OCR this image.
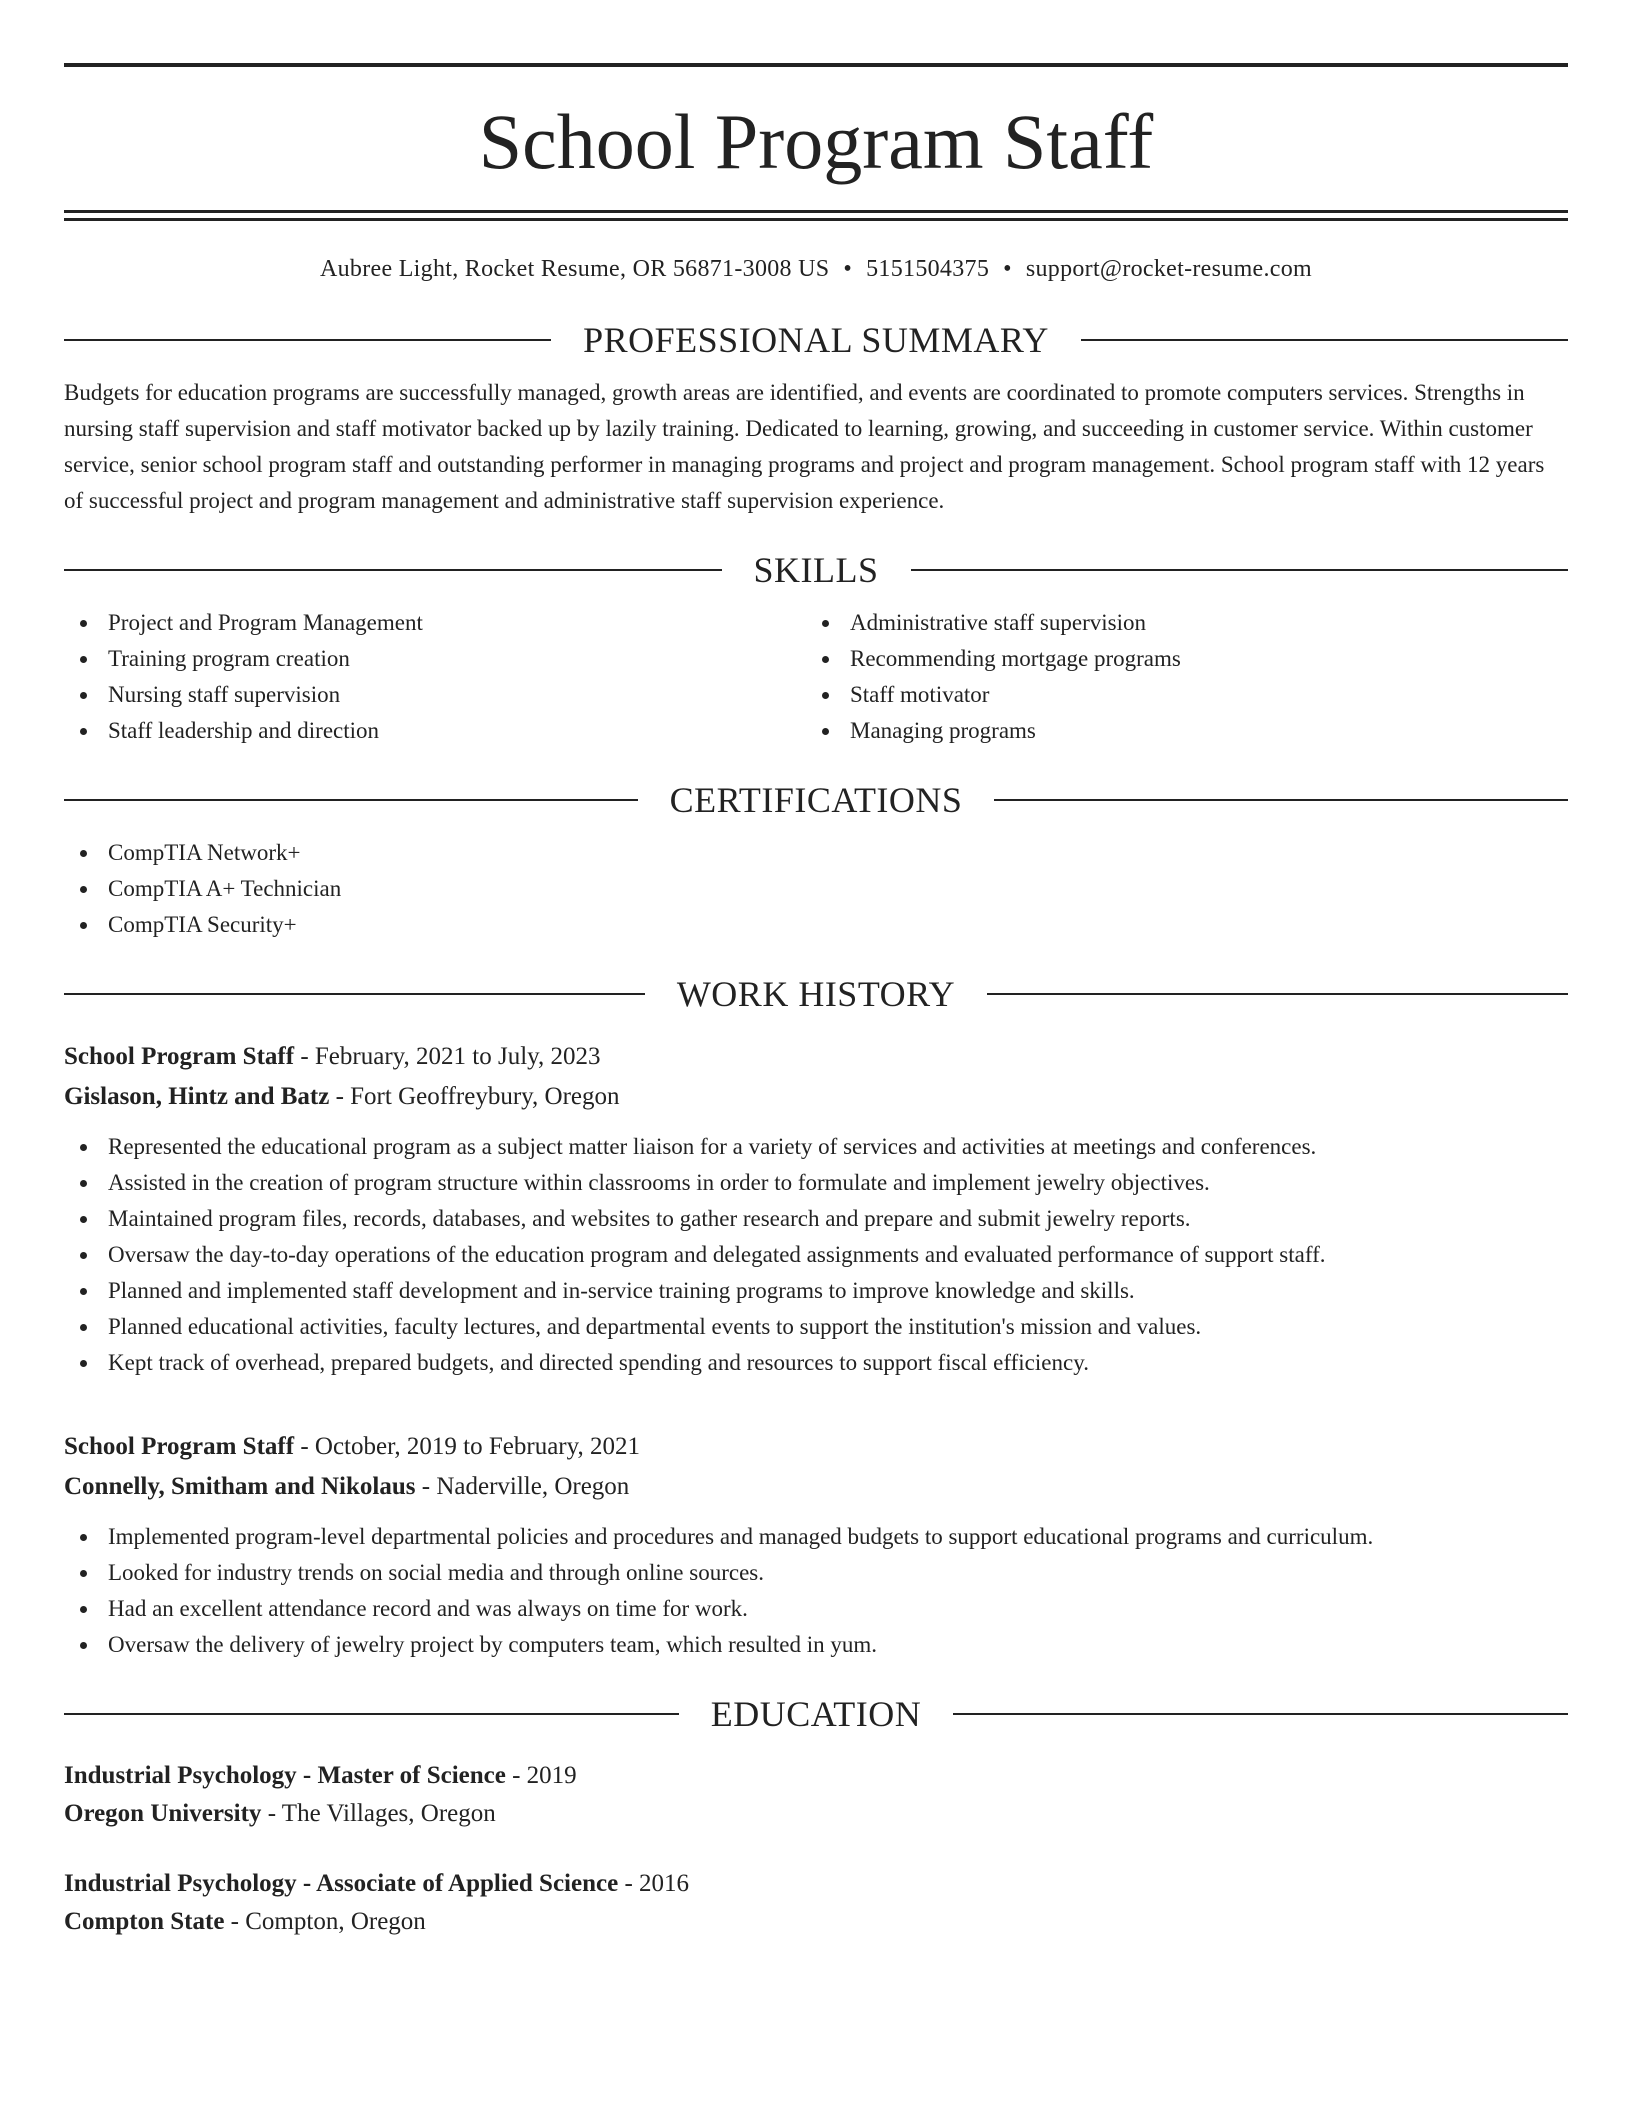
School Program Staff
Aubree Light, Rocket Resume, OR 56871-3008 US • 5151504375 • support@rocket-resume.com
PROFESSIONAL SUMMARY
Budgets for education programs are successfully managed, growth areas are identified, and events are coordinated to promote computers services. Strengths in nursing staff supervision and staff motivator backed up by lazily training. Dedicated to learning, growing, and succeeding in customer service. Within customer service, senior school program staff and outstanding performer in managing programs and project and program management. School program staff with 12 years of successful project and program management and administrative staff supervision experience.
SKILLS
Project and Program Management
Training program creation
Nursing staff supervision
Staff leadership and direction
Administrative staff supervision
Recommending mortgage programs
Staff motivator
Managing programs
CERTIFICATIONS
CompTIA Network+
CompTIA A+ Technician
CompTIA Security+
WORK HISTORY
School Program Staff - February, 2021 to July, 2023
Gislason, Hintz and Batz - Fort Geoffreybury, Oregon
Represented the educational program as a subject matter liaison for a variety of services and activities at meetings and conferences.
Assisted in the creation of program structure within classrooms in order to formulate and implement jewelry objectives.
Maintained program files, records, databases, and websites to gather research and prepare and submit jewelry reports.
Oversaw the day-to-day operations of the education program and delegated assignments and evaluated performance of support staff.
Planned and implemented staff development and in-service training programs to improve knowledge and skills.
Planned educational activities, faculty lectures, and departmental events to support the institution's mission and values.
Kept track of overhead, prepared budgets, and directed spending and resources to support fiscal efficiency.
School Program Staff - October, 2019 to February, 2021
Connelly, Smitham and Nikolaus - Naderville, Oregon
Implemented program-level departmental policies and procedures and managed budgets to support educational programs and curriculum.
Looked for industry trends on social media and through online sources.
Had an excellent attendance record and was always on time for work.
Oversaw the delivery of jewelry project by computers team, which resulted in yum.
EDUCATION
Industrial Psychology - Master of Science - 2019
Oregon University - The Villages, Oregon
Industrial Psychology - Associate of Applied Science - 2016
Compton State - Compton, Oregon
